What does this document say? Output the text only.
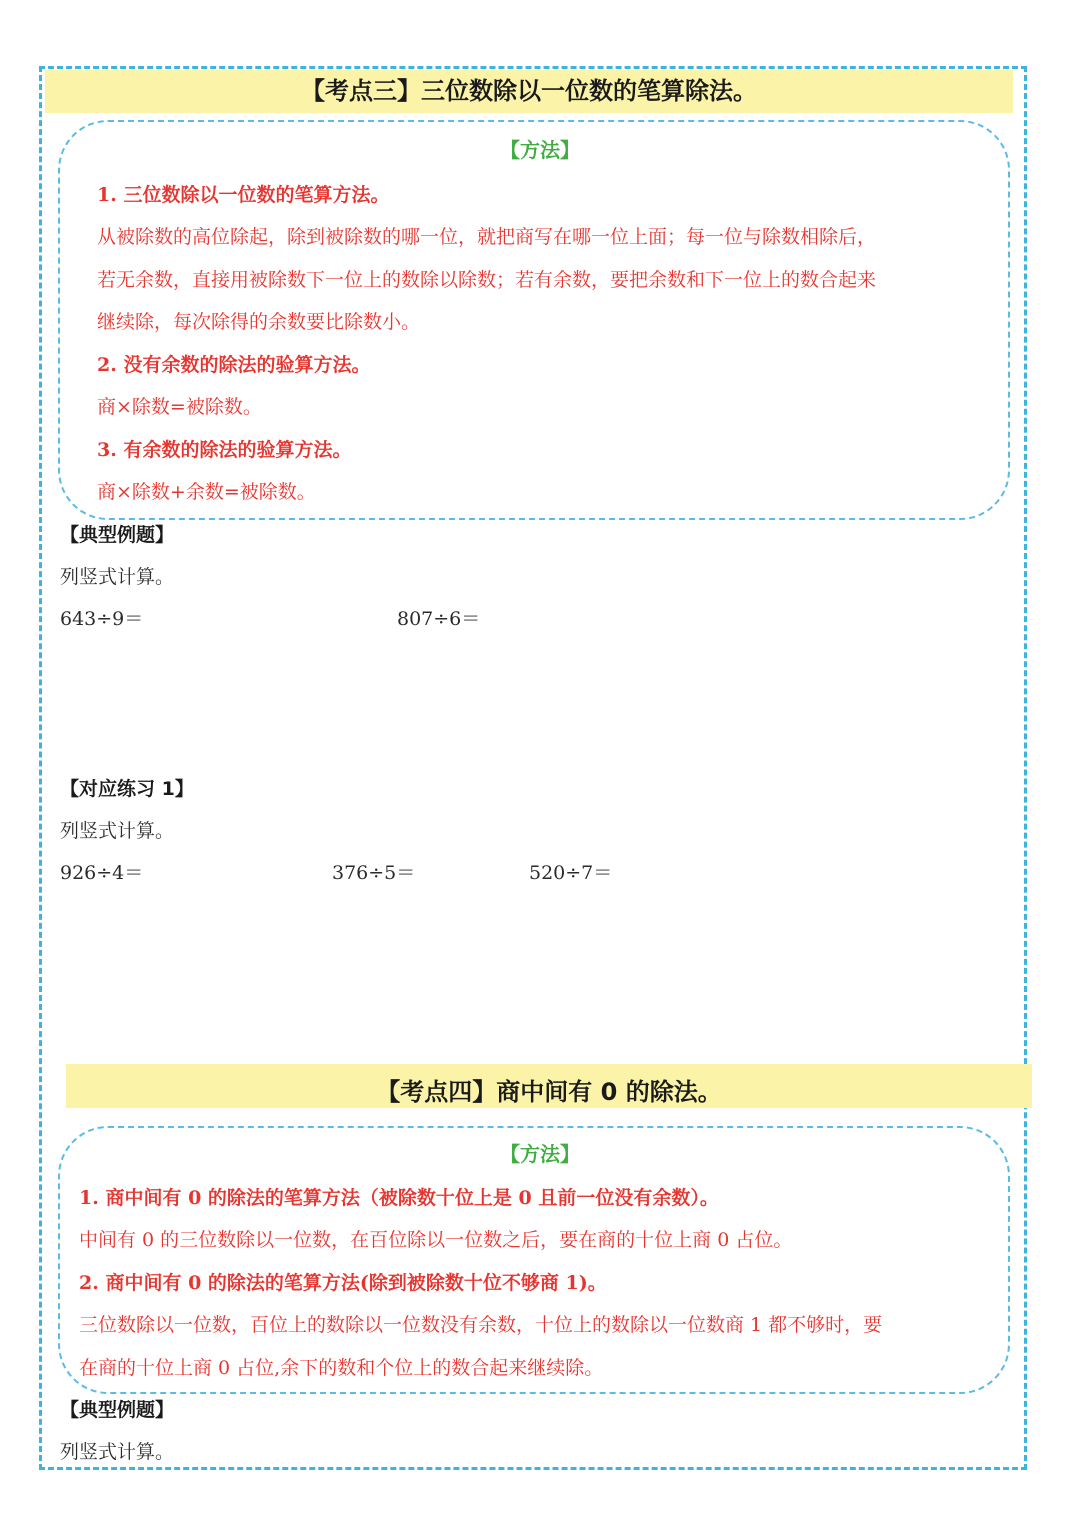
【考点三】三位数除以一位数的笔算除法。
【方法】
1. 三位数除以一位数的笔算方法。
从被除数的高位除起，除到被除数的哪一位，就把商写在哪一位上面；每一位与除数相除后，
若无余数，直接用被除数下一位上的数除以除数；若有余数，要把余数和下一位上的数合起来
继续除，每次除得的余数要比除数小。
2. 没有余数的除法的验算方法。
商×除数=被除数。
3. 有余数的除法的验算方法。
商×除数+余数=被除数。
【典型例题】
列竖式计算。
643÷9＝	807÷6＝
【对应练习 1】
列竖式计算。
926÷4＝	376÷5＝	520÷7＝
【考点四】商中间有 0 的除法。
【方法】
1. 商中间有 0 的除法的笔算方法（被除数十位上是 0 且前一位没有余数）。
中间有 0 的三位数除以一位数，在百位除以一位数之后，要在商的十位上商 0 占位。
2. 商中间有 0 的除法的笔算方法(除到被除数十位不够商 1)。
三位数除以一位数，百位上的数除以一位数没有余数，十位上的数除以一位数商 1 都不够时，要
在商的十位上商 0 占位,余下的数和个位上的数合起来继续除。
【典型例题】
列竖式计算。
